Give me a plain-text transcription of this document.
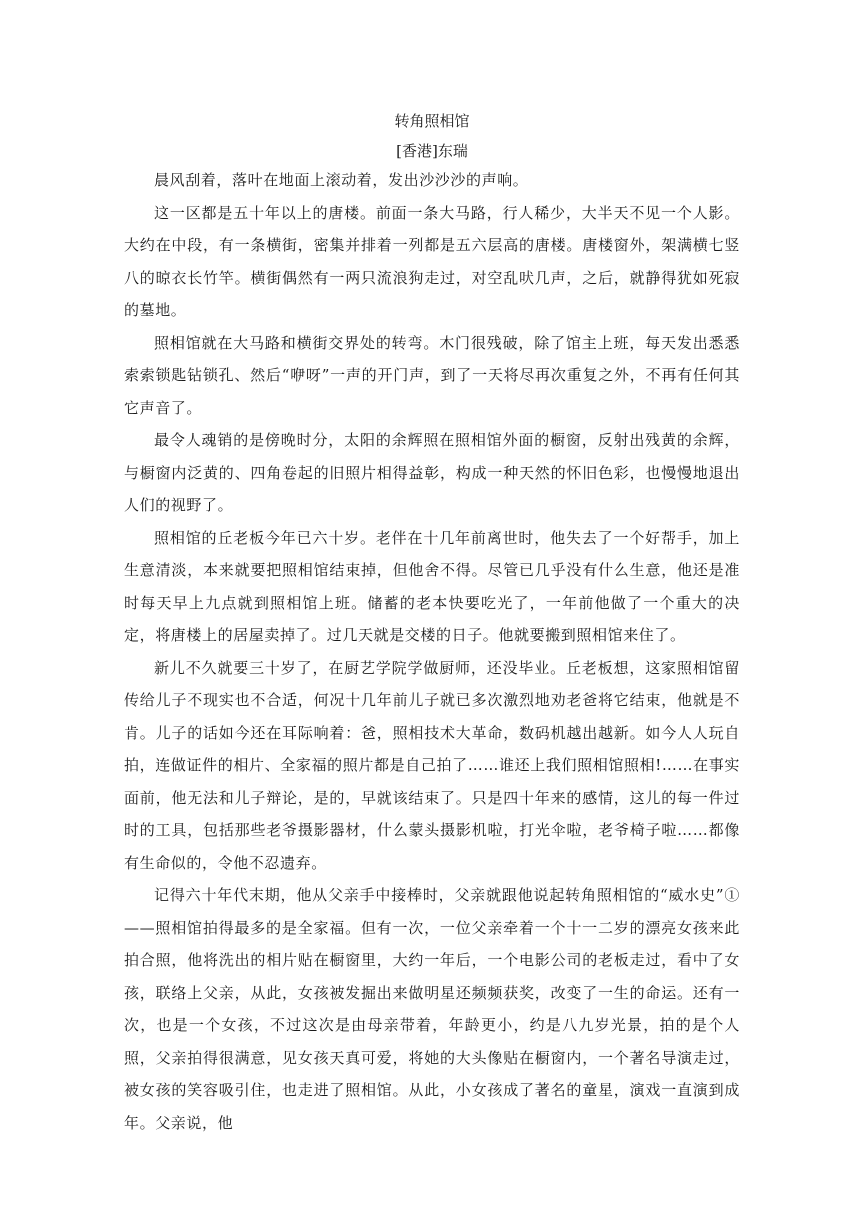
转角照相馆
[香港]东瑞

晨风刮着，落叶在地面上滚动着，发出沙沙沙的声响。

这一区都是五十年以上的唐楼。前面一条大马路，行人稀少，大半天不见一个人影。大约在中段，有一条横街，密集并排着一列都是五六层高的唐楼。唐楼窗外，架满横七竖八的晾衣长竹竿。横街偶然有一两只流浪狗走过，对空乱吠几声，之后，就静得犹如死寂的墓地。

照相馆就在大马路和横街交界处的转弯。木门很残破，除了馆主上班，每天发出悉悉索索锁匙钻锁孔、然后“咿呀”一声的开门声，到了一天将尽再次重复之外，不再有任何其它声音了。

最令人魂销的是傍晚时分，太阳的余辉照在照相馆外面的橱窗，反射出残黄的余辉，与橱窗内泛黄的、四角卷起的旧照片相得益彰，构成一种天然的怀旧色彩，也慢慢地退出人们的视野了。

照相馆的丘老板今年已六十岁。老伴在十几年前离世时，他失去了一个好帮手，加上生意清淡，本来就要把照相馆结束掉，但他舍不得。尽管已几乎没有什么生意，他还是准时每天早上九点就到照相馆上班。储蓄的老本快要吃光了，一年前他做了一个重大的决定，将唐楼上的居屋卖掉了。过几天就是交楼的日子。他就要搬到照相馆来住了。

新儿不久就要三十岁了，在厨艺学院学做厨师，还没毕业。丘老板想，这家照相馆留传给儿子不现实也不合适，何况十几年前儿子就已多次激烈地劝老爸将它结束，他就是不肯。儿子的话如今还在耳际响着：爸，照相技术大革命，数码机越出越新。如今人人玩自拍，连做证件的相片、全家福的照片都是自己拍了……谁还上我们照相馆照相!……在事实面前，他无法和儿子辩论，是的，早就该结束了。只是四十年来的感情，这儿的每一件过时的工具，包括那些老爷摄影器材，什么蒙头摄影机啦，打光伞啦，老爷椅子啦……都像有生命似的，令他不忍遗弃。

记得六十年代末期，他从父亲手中接棒时，父亲就跟他说起转角照相馆的“威水史”①——照相馆拍得最多的是全家福。但有一次，一位父亲牵着一个十一二岁的漂亮女孩来此拍合照，他将洗出的相片贴在橱窗里，大约一年后，一个电影公司的老板走过，看中了女孩，联络上父亲，从此，女孩被发掘出来做明星还频频获奖，改变了一生的命运。还有一次，也是一个女孩，不过这次是由母亲带着，年龄更小，约是八九岁光景，拍的是个人照，父亲拍得很满意，见女孩天真可爱，将她的大头像贴在橱窗内，一个著名导演走过，被女孩的笑容吸引住，也走进了照相馆。从此，小女孩成了著名的童星，演戏一直演到成年。父亲说，他
